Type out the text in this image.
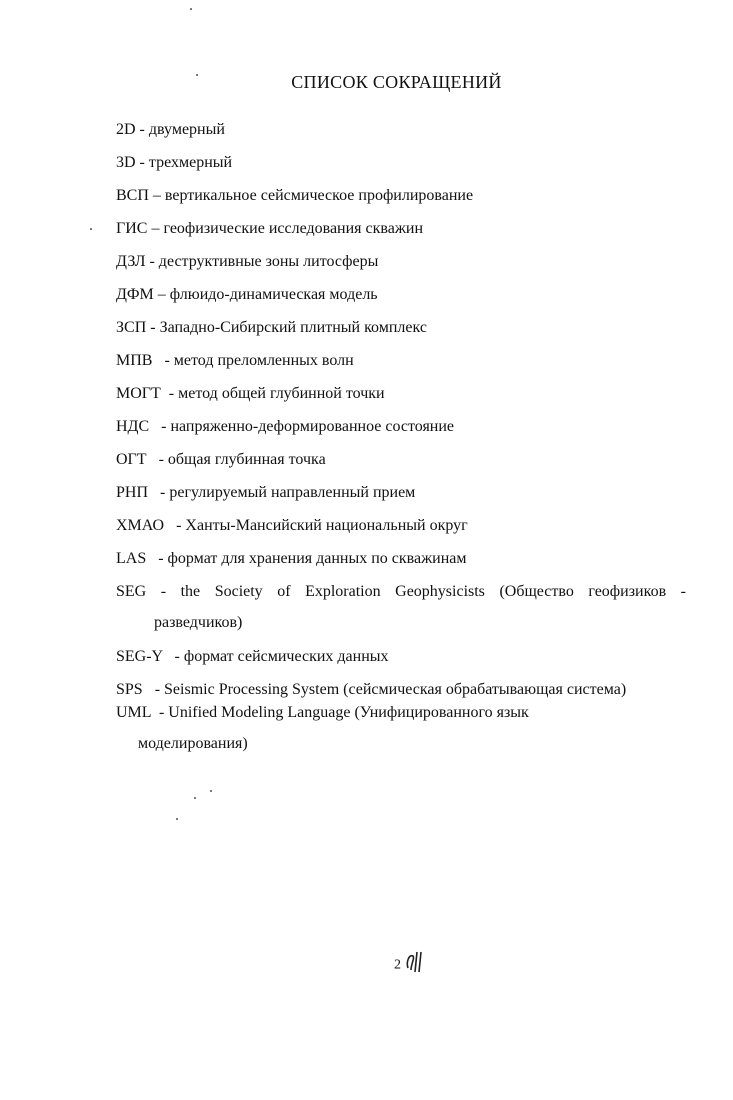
СПИСОК СОКРАЩЕНИЙ
2D - двумерный
3D - трехмерный
ВСП – вертикальное сейсмическое профилирование
ГИС – геофизические исследования скважин
ДЗЛ - деструктивные зоны литосферы
ДФМ – флюидо-динамическая модель
ЗСП - Западно-Сибирский плитный комплекс
МПВ   - метод преломленных волн
МОГТ  - метод общей глубинной точки
НДС   - напряженно-деформированное состояние
ОГТ   - общая глубинная точка
РНП   - регулируемый направленный прием
ХМАО   - Ханты-Мансийский национальный округ
LAS   - формат для хранения данных по скважинам
SEG - the Society of Exploration Geophysicists (Общество геофизиков -
разведчиков)
SEG-Y   - формат сейсмических данных
SPS   - Seismic Processing System (сейсмическая обрабатывающая система)
UML  - Unified Modeling Language (Унифицированного язык
моделирования)
2
